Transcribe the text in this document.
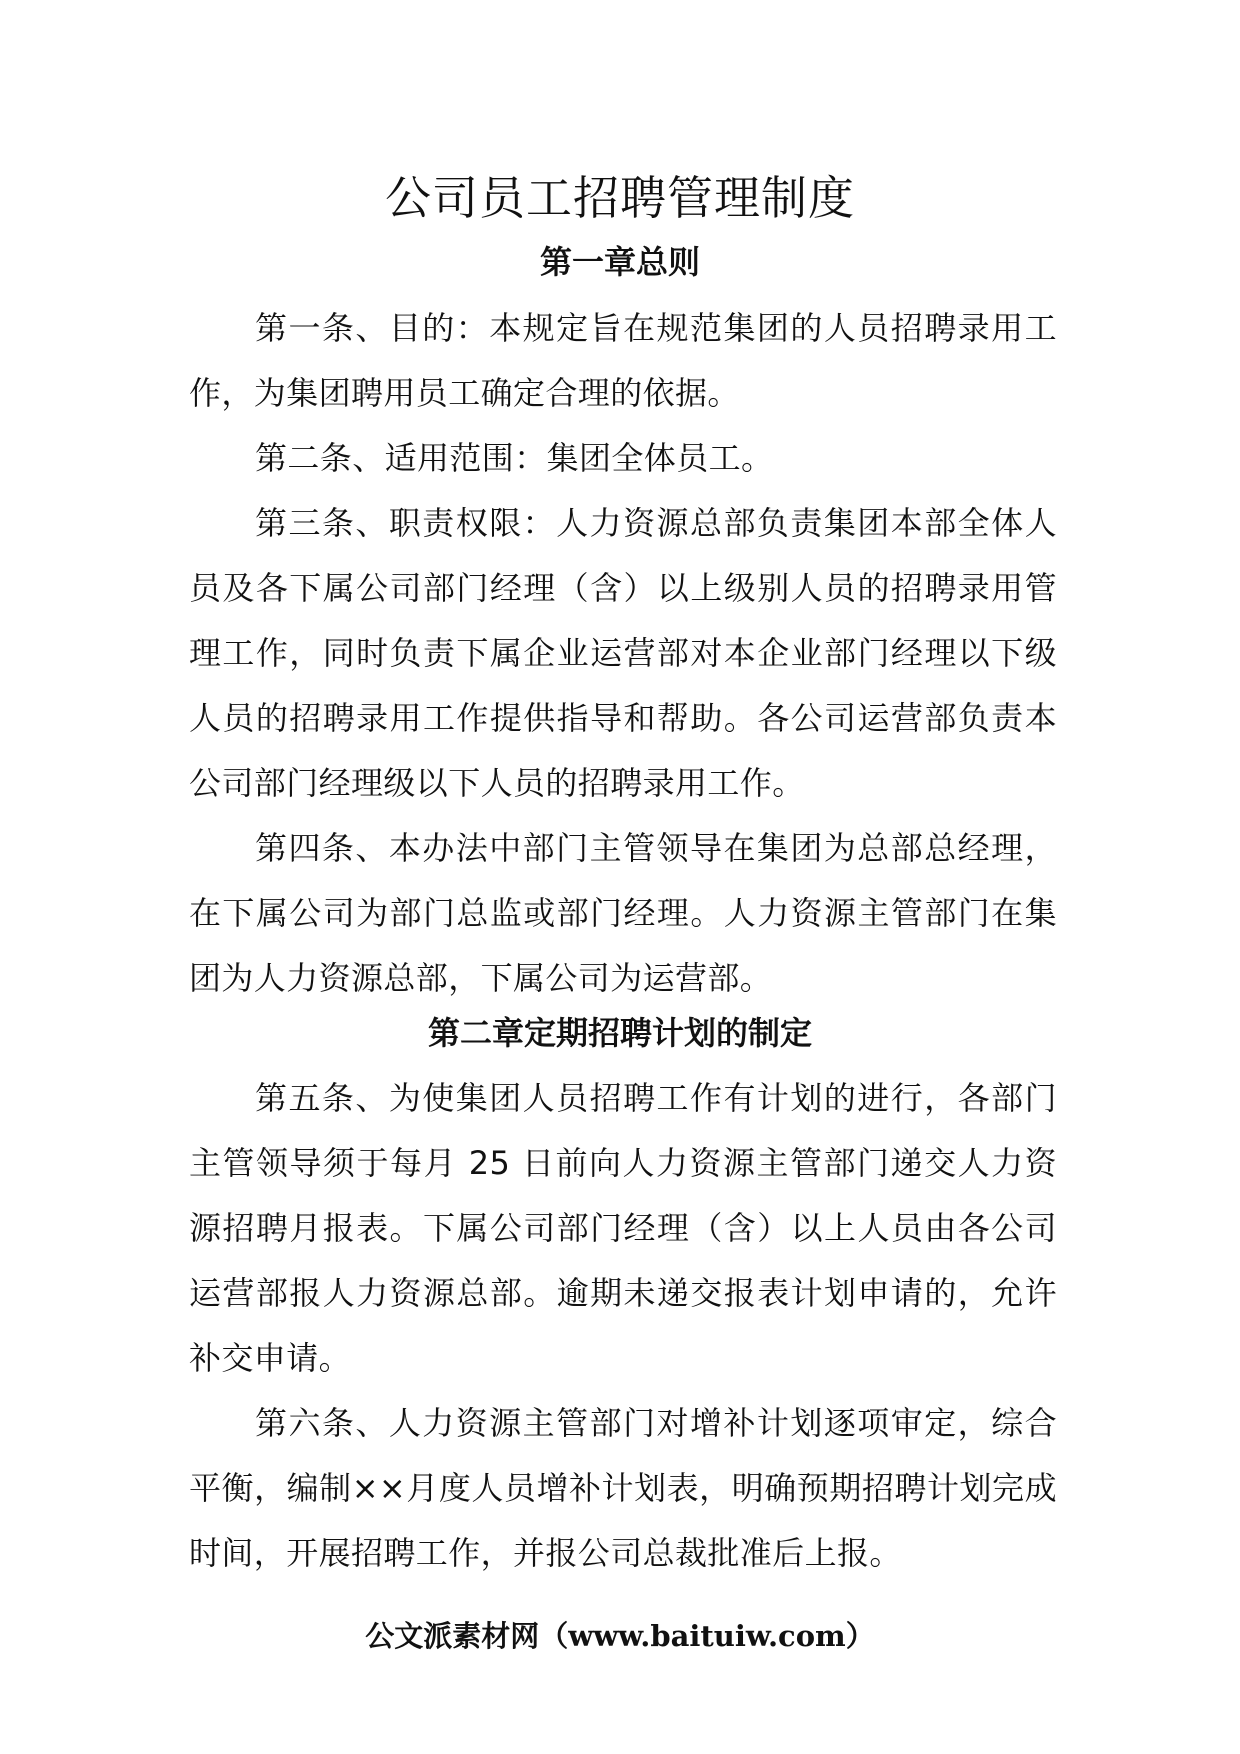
公司员工招聘管理制度
第一章总则

第一条、目的：本规定旨在规范集团的人员招聘录用工作，为集团聘用员工确定合理的依据。

第二条、适用范围：集团全体员工。

第三条、职责权限：人力资源总部负责集团本部全体人员及各下属公司部门经理（含）以上级别人员的招聘录用管理工作，同时负责下属企业运营部对本企业部门经理以下级人员的招聘录用工作提供指导和帮助。各公司运营部负责本公司部门经理级以下人员的招聘录用工作。

第四条、本办法中部门主管领导在集团为总部总经理，在下属公司为部门总监或部门经理。人力资源主管部门在集团为人力资源总部，下属公司为运营部。

第二章定期招聘计划的制定

第五条、为使集团人员招聘工作有计划的进行，各部门主管领导须于每月 25 日前向人力资源主管部门递交人力资源招聘月报表。下属公司部门经理（含）以上人员由各公司运营部报人力资源总部。逾期未递交报表计划申请的，允许补交申请。

第六条、人力资源主管部门对增补计划逐项审定，综合平衡，编制××月度人员增补计划表，明确预期招聘计划完成时间，开展招聘工作，并报公司总裁批准后上报。

公文派素材网（www.baituiw.com）
